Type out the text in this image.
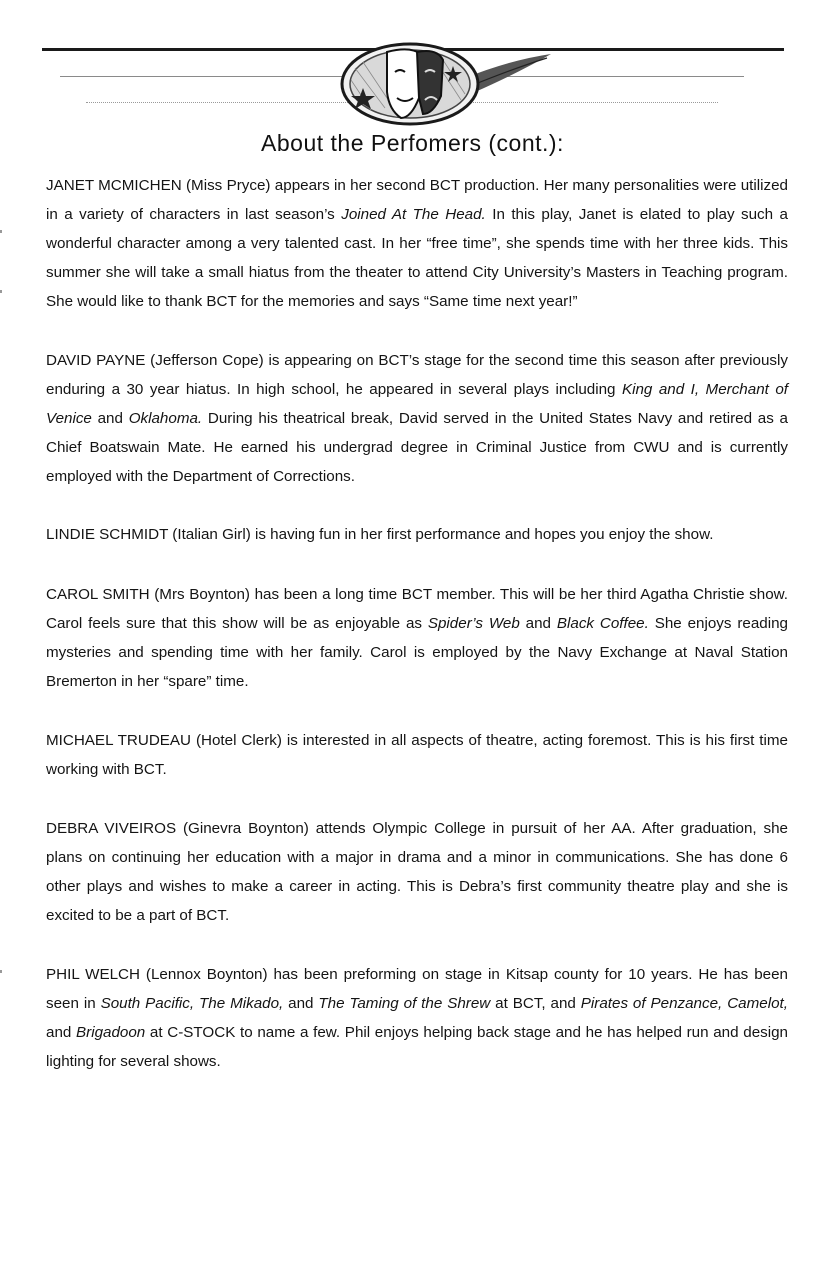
About the Perfomers (cont.):

JANET MCMICHEN (Miss Pryce) appears in her second BCT production. Her many personalities were utilized in a variety of characters in last season’s Joined At The Head. In this play, Janet is elated to play such a wonderful character among a very talented cast. In her “free time”, she spends time with her three kids. This summer she will take a small hiatus from the theater to attend City University’s Masters in Teaching program. She would like to thank BCT for the memories and says “Same time next year!”

DAVID PAYNE (Jefferson Cope) is appearing on BCT’s stage for the second time this season after previously enduring a 30 year hiatus. In high school, he appeared in several plays including King and I, Merchant of Venice and Oklahoma. During his theatrical break, David served in the United States Navy and retired as a Chief Boatswain Mate. He earned his undergrad degree in Criminal Justice from CWU and is currently employed with the Department of Corrections.

LINDIE SCHMIDT (Italian Girl) is having fun in her first performance and hopes you enjoy the show.

CAROL SMITH (Mrs Boynton) has been a long time BCT member. This will be her third Agatha Christie show. Carol feels sure that this show will be as enjoyable as Spider’s Web and Black Coffee. She enjoys reading mysteries and spending time with her family. Carol is employed by the Navy Exchange at Naval Station Bremerton in her “spare” time.

MICHAEL TRUDEAU (Hotel Clerk) is interested in all aspects of theatre, acting foremost. This is his first time working with BCT.

DEBRA VIVEIROS (Ginevra Boynton) attends Olympic College in pursuit of her AA. After graduation, she plans on continuing her education with a major in drama and a minor in communications. She has done 6 other plays and wishes to make a career in acting. This is Debra’s first community theatre play and she is excited to be a part of BCT.

PHIL WELCH (Lennox Boynton) has been preforming on stage in Kitsap county for 10 years. He has been seen in South Pacific, The Mikado, and The Taming of the Shrew at BCT, and Pirates of Penzance, Camelot, and Brigadoon at C-STOCK to name a few. Phil enjoys helping back stage and he has helped run and design lighting for several shows.
